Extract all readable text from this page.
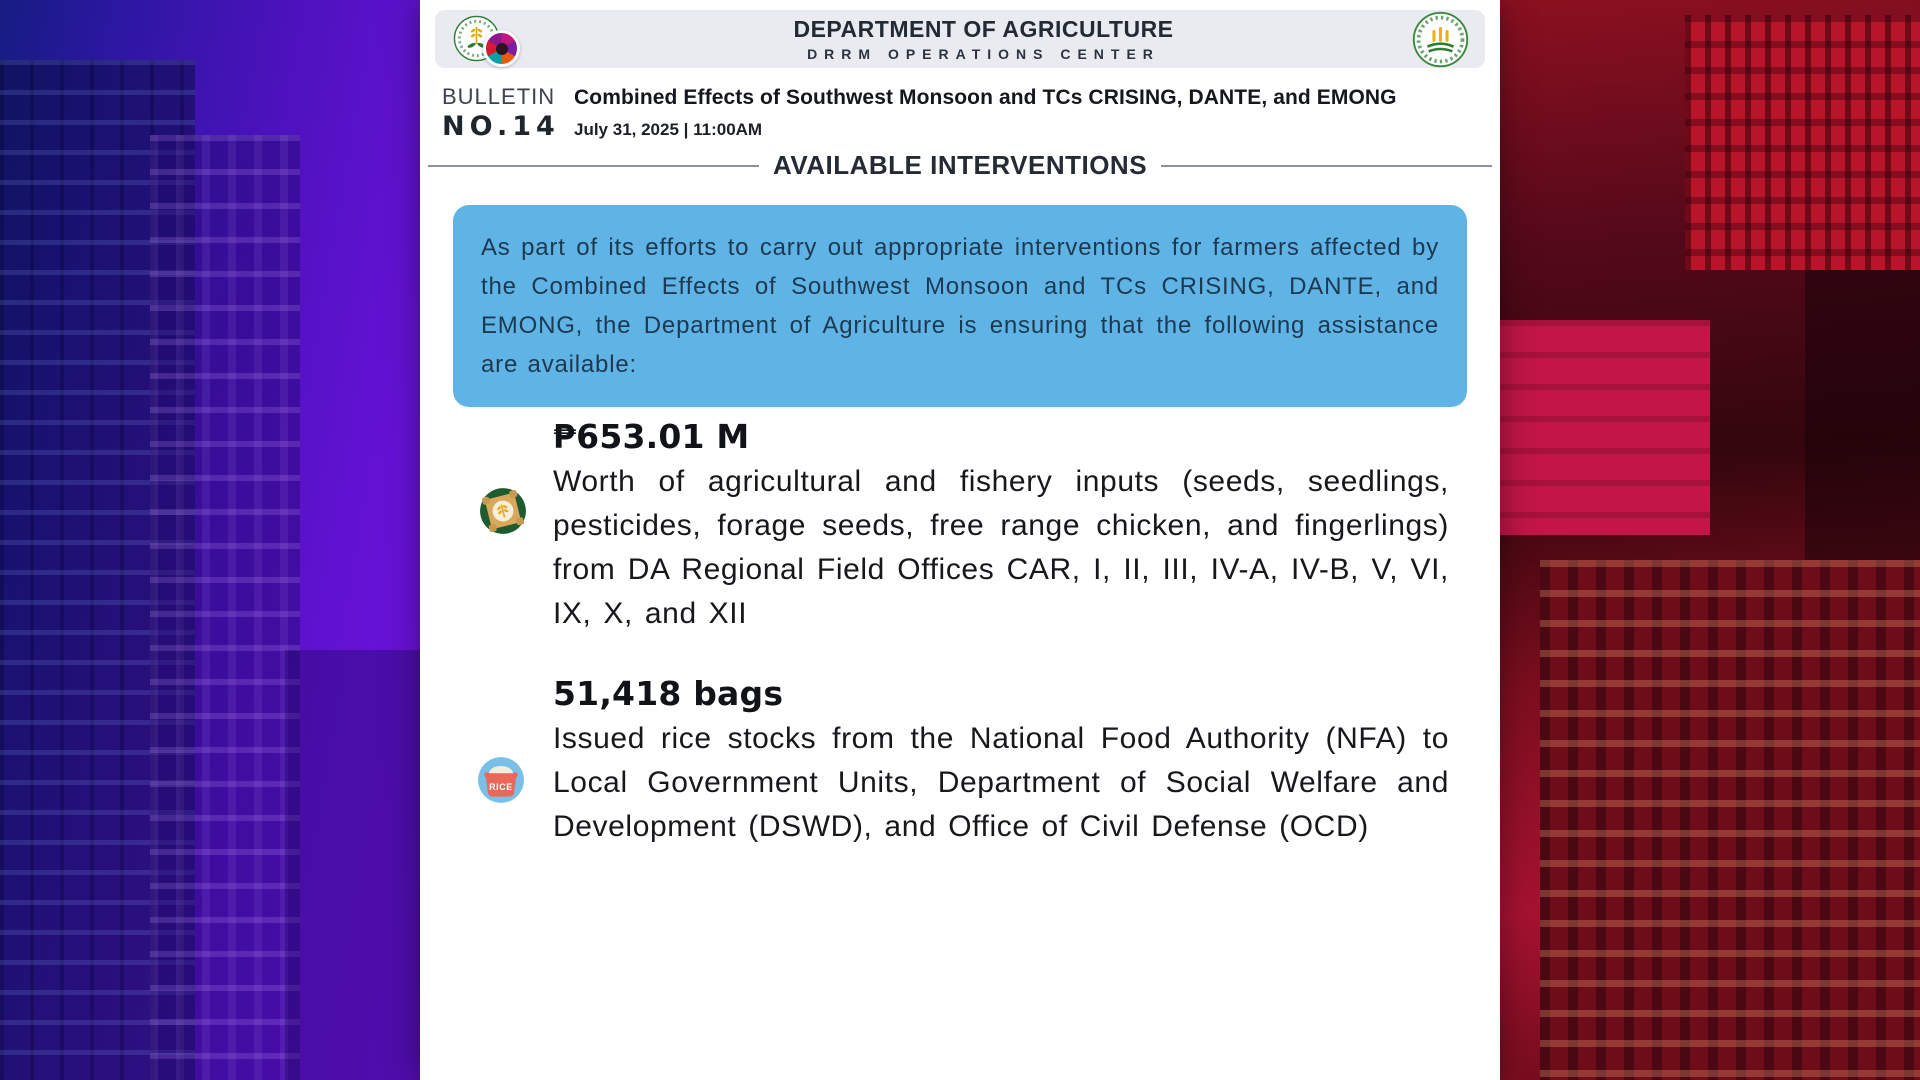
DEPARTMENT OF AGRICULTURE
DRRM OPERATIONS CENTER
BULLETIN
NO.14
Combined Effects of Southwest Monsoon and TCs CRISING, DANTE, and EMONG
July 31, 2025 | 11:00AM
AVAILABLE INTERVENTIONS
As part of its efforts to carry out appropriate interventions for farmers affected by the Combined Effects of Southwest Monsoon and TCs CRISING, DANTE, and EMONG, the Department of Agriculture is ensuring that the following assistance are available:
₱653.01 M
Worth of agricultural and fishery inputs (seeds, seedlings, pesticides, forage seeds, free range chicken, and fingerlings) from DA Regional Field Offices CAR, I, II, III, IV-A, IV-B, V, VI, IX, X, and XII
RICE
51,418 bags
Issued rice stocks from the National Food Authority (NFA) to Local Government Units, Department of Social Welfare and Development (DSWD), and Office of Civil Defense (OCD)
